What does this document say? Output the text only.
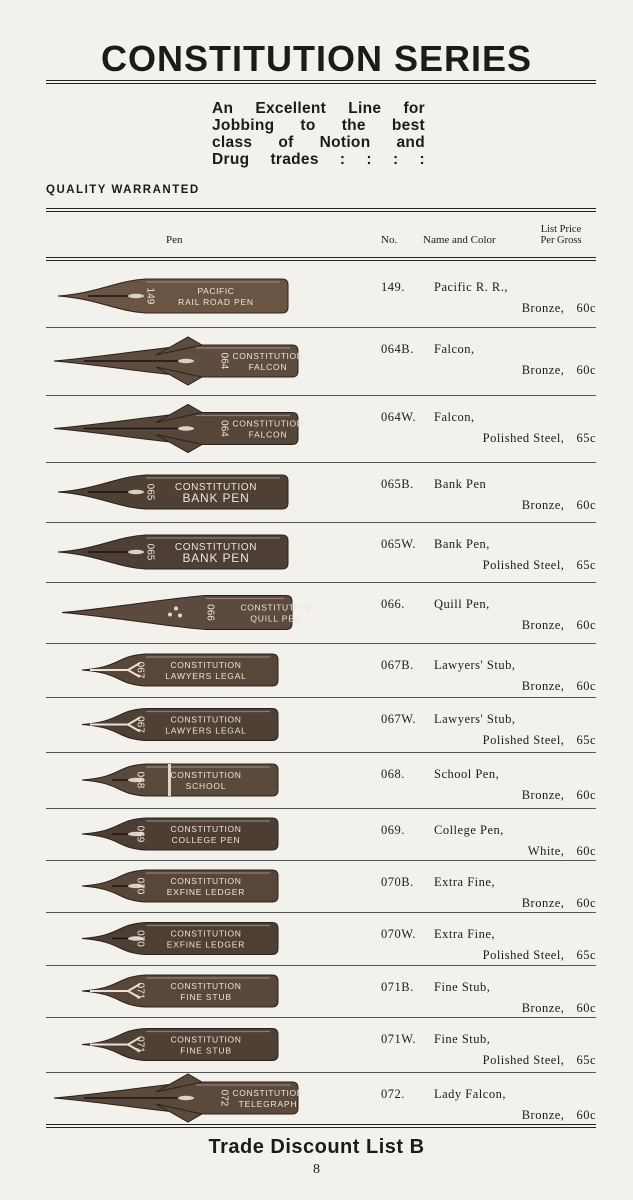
CONSTITUTION SERIES
An Excellent Line for
Jobbing to the best
class of Notion and
Drug trades : : : :
QUALITY WARRANTED
Pen	No. Name and Color
List Price
Per Gross
149	PACIFIC
RAIL ROAD PEN
149. Pacific R. R.,
Bronze, 60c
064 CONSTITUTION
FALCON
064B. Falcon,
Bronze, 60c
064 CONSTITUTION
FALCON
064W. Falcon,
Polished Steel, 65c
065 CONSTITUTION
BANK PEN
065B. Bank Pen
Bronze, 60c
065 CONSTITUTION
BANK PEN
065W. Bank Pen,
Polished Steel, 65c
066	CONSTITUTION
QUILL PEN
066. Quill Pen,
Bronze, 60c
067	CONSTITUTION
LAWYERS LEGAL
067B. Lawyers' Stub,
Bronze, 60c
067	CONSTITUTION
LAWYERS LEGAL
067W. Lawyers' Stub,
Polished Steel, 65c
068	CONSTITUTION
SCHOOL
068. School Pen,
Bronze, 60c
069	CONSTITUTION
COLLEGE PEN
069. College Pen,
White, 60c
070	CONSTITUTION
EXFINE LEDGER
070B. Extra Fine,
Bronze, 60c
070	CONSTITUTION
EXFINE LEDGER
070W. Extra Fine,
Polished Steel, 65c
071	CONSTITUTION
FINE STUB
071B. Fine Stub,
Bronze, 60c
071	CONSTITUTION
FINE STUB
071W. Fine Stub,
Polished Steel, 65c
072 CONSTITUTION
TELEGRAPH
072. Lady Falcon,
Bronze, 60c
Trade Discount List B
8
